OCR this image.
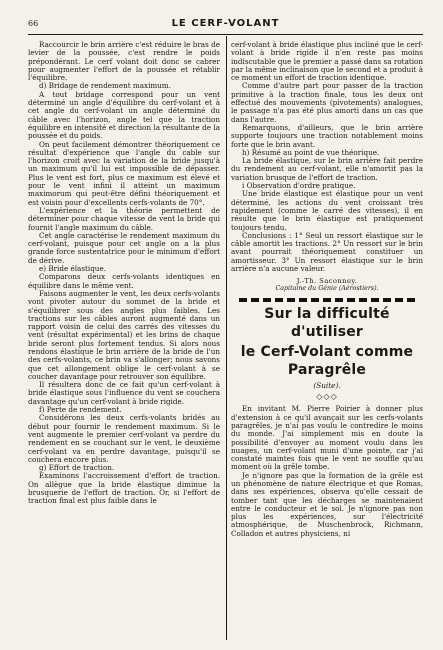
66	LE CERF-VOLANT

Raccourcir le brin arrière c'est réduire le bras de levier de la poussée, c'est rendre le poids prépondérant. Le cerf volant doit donc se cabrer pour augmenter l'effort de la poussée et rétablir l'équilibre.

d) Bridage de rendement maximum.

A tout bridage correspond pour un vent déterminé un angle d'équilibre du cerf-volant et à cet angle du cerf-volant un angle déterminé du câble avec l'horizon, angle tel que la traction équilibre en intensité et direction la résultante de la poussée et du poids.

On peut facilement démontrer théoriquement ce résultat d'expérience que l'angle du cable sur l'horizon croit avec la variation de la bride jusqu'à un maximum qu'il lui est impossible de dépasser. Plus le vent est fort, plus ce maximum est élevé et pour le vent infini il atteint un maximum maximorum qui peut-être défini théoriquement et est voisin pour d'excellents cerfs-volants de 70°.

L'expérience et la théorie permettent de déterminer pour chaque vitesse de vent la bride qui fournit l'angle maximum du câble.

Cet angle caractérise le rendement maximum du cerf-volant, puisque pour cet angle on a la plus grande force sustentatrice pour le minimum d'effort de dérive.

e) Bride élastique.

Comparons deux cerfs-volants identiques en équilibre dans le même vent.

Faisons augmenter le vent, les deux cerfs-volants vont pivoter autour du sommet de la bride et s'équilibrer sous des angles plus faibles. Les tractions sur les câbles auront augmenté dans un rapport voisin de celui des carrés des vitesses du vent (résultat expérimental) et les brins de chaque bride seront plus fortement tendus. Si alors nous rendons élastique le brin arrière de la bride de l'un des cerfs-volants, ce brin va s'allonger; nous savons que cet allongement oblige le cerf-volant à se coucher davantage pour retrouver son équilibre.

Il résultera donc de ce fait qu'un cerf-volant à bride élastique sous l'influence du vent se couchera davantage qu'un cerf-volant à bride rigide.

f) Perte de rendement.

Considérons les deux cerfs-volants bridés au début pour fournir le rendement maximum. Si le vent augmente le premier cerf-volant va perdre du rendement en se couchant sur le vent, le deuxième cerf-volant va en perdre davantage, puisqu'il se couchera encore plus.

g) Effort de traction.

Examinons l'accroissement d'effort de traction. On allègue que la bride élastique diminue la brusquerie de l'effort de traction. Or, si l'effort de traction final est plus faible dans le

cerf-volant à bride élastique plus incliné que le cerf-volant à bride rigide il n'en reste pas moins indiscutable que le premier a passé dans sa rotation par la même inclinaison que le second et a produit à ce moment un effort de traction identique.

Comme d'autre part pour passer de la traction primitive à la traction finale, tous les deux ont effectué des mouvements (pivotements) analogues, le passage n'a pas été plus amorti dans un cas que dans l'autre.

Remarquons, d'ailleurs, que le brin arrière supporte toujours une traction notablement moins forte que le brin avant.

h) Résumé au point de vue théorique.

La bride élastique, sur le brin arrière fait perdre du rendement au cerf-volant, elle n'amortit pas la variation brusque de l'effort de traction.

i Observation d'ordre pratique.

Une bride élastique est élastique pour un vent déterminé, les actions du vent croissant très rapidement (comme le carré des vitesses), il en résulte que le brin élastique est pratiquement toujours tendu.

Conclusions : 1° Seul un ressort élastique sur le câble amortit les tractions. 2° Un ressort sur le brin avant pourrait théoriquement constituer un amortisseur. 3° Un ressort élastique sur le brin arrière n'a aucune valeur.

J.-Th. Saconney.
Capitaine du Génie (Aérostiers).
Sur la difficulté d'utiliser
le Cerf-Volant comme Paragrêle
(Suite).
◇◇◇

En invitant M. Pierre Poirier à donner plus d'extension à ce qu'il avançait sur les cerfs-volants paragrêles, je n'ai pas voulu le contredire le moins du monde. J'ai simplement mis en doute la possibilité d'envoyer au moment voulu dans les nuages, un cerf-volant muni d'une pointe, car j'ai constaté maintes fois que le vent ne souffle qu'au moment où la grêle tombe.

Je n'ignore pas que la formation de la grêle est un phénomène de nature électrique et que Romas, dans ses expériences, observa qu'elle cessait de tomber tant que les décharges se maintenaient entre le conducteur et le sol. Je n'ignore pas non plus les expériences, sur l'électricité atmosphérique, de Muschenbrock, Richmann, Colladon et autres physiciens, ni
